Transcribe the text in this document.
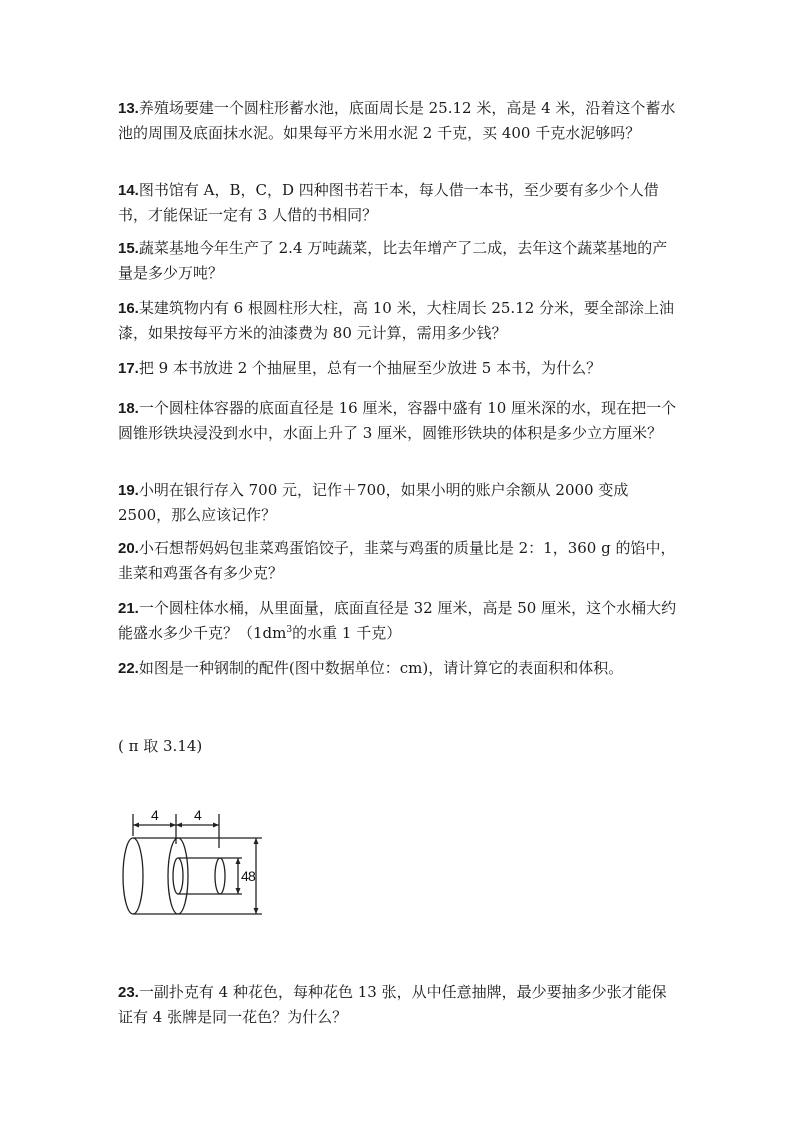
13.养殖场要建一个圆柱形蓄水池，底面周长是 25.12 米，高是 4 米，沿着这个蓄水池的周围及底面抹水泥。如果每平方米用水泥 2 千克，买 400 千克水泥够吗？

14.图书馆有 A，B，C，D 四种图书若干本，每人借一本书，至少要有多少个人借书，才能保证一定有 3 人借的书相同？

15.蔬菜基地今年生产了 2.4 万吨蔬菜，比去年增产了二成，去年这个蔬菜基地的产量是多少万吨？

16.某建筑物内有 6 根圆柱形大柱，高 10 米，大柱周长 25.12 分米，要全部涂上油漆，如果按每平方米的油漆费为 80 元计算，需用多少钱？

17.把 9 本书放进 2 个抽屉里，总有一个抽屉至少放进 5 本书，为什么？

18.一个圆柱体容器的底面直径是 16 厘米，容器中盛有 10 厘米深的水，现在把一个圆锥形铁块浸没到水中，水面上升了 3 厘米，圆锥形铁块的体积是多少立方厘米？

19.小明在银行存入 700 元，记作＋700，如果小明的账户余额从 2000 变成 2500，那么应该记作？

20.小石想帮妈妈包韭菜鸡蛋馅饺子，韭菜与鸡蛋的质量比是 2：1，360 g 的馅中，韭菜和鸡蛋各有多少克？

21.一个圆柱体水桶，从里面量，底面直径是 32 厘米，高是 50 厘米，这个水桶大约能盛水多少千克？（$1dm^3$的水重 1 千克）

22.如图是一种钢制的配件(图中数据单位：cm)，请计算它的表面积和体积。

( π 取 3.14)

4	4
4 8

23.一副扑克有 4 种花色，每种花色 13 张，从中任意抽牌，最少要抽多少张才能保证有 4 张牌是同一花色？为什么？
